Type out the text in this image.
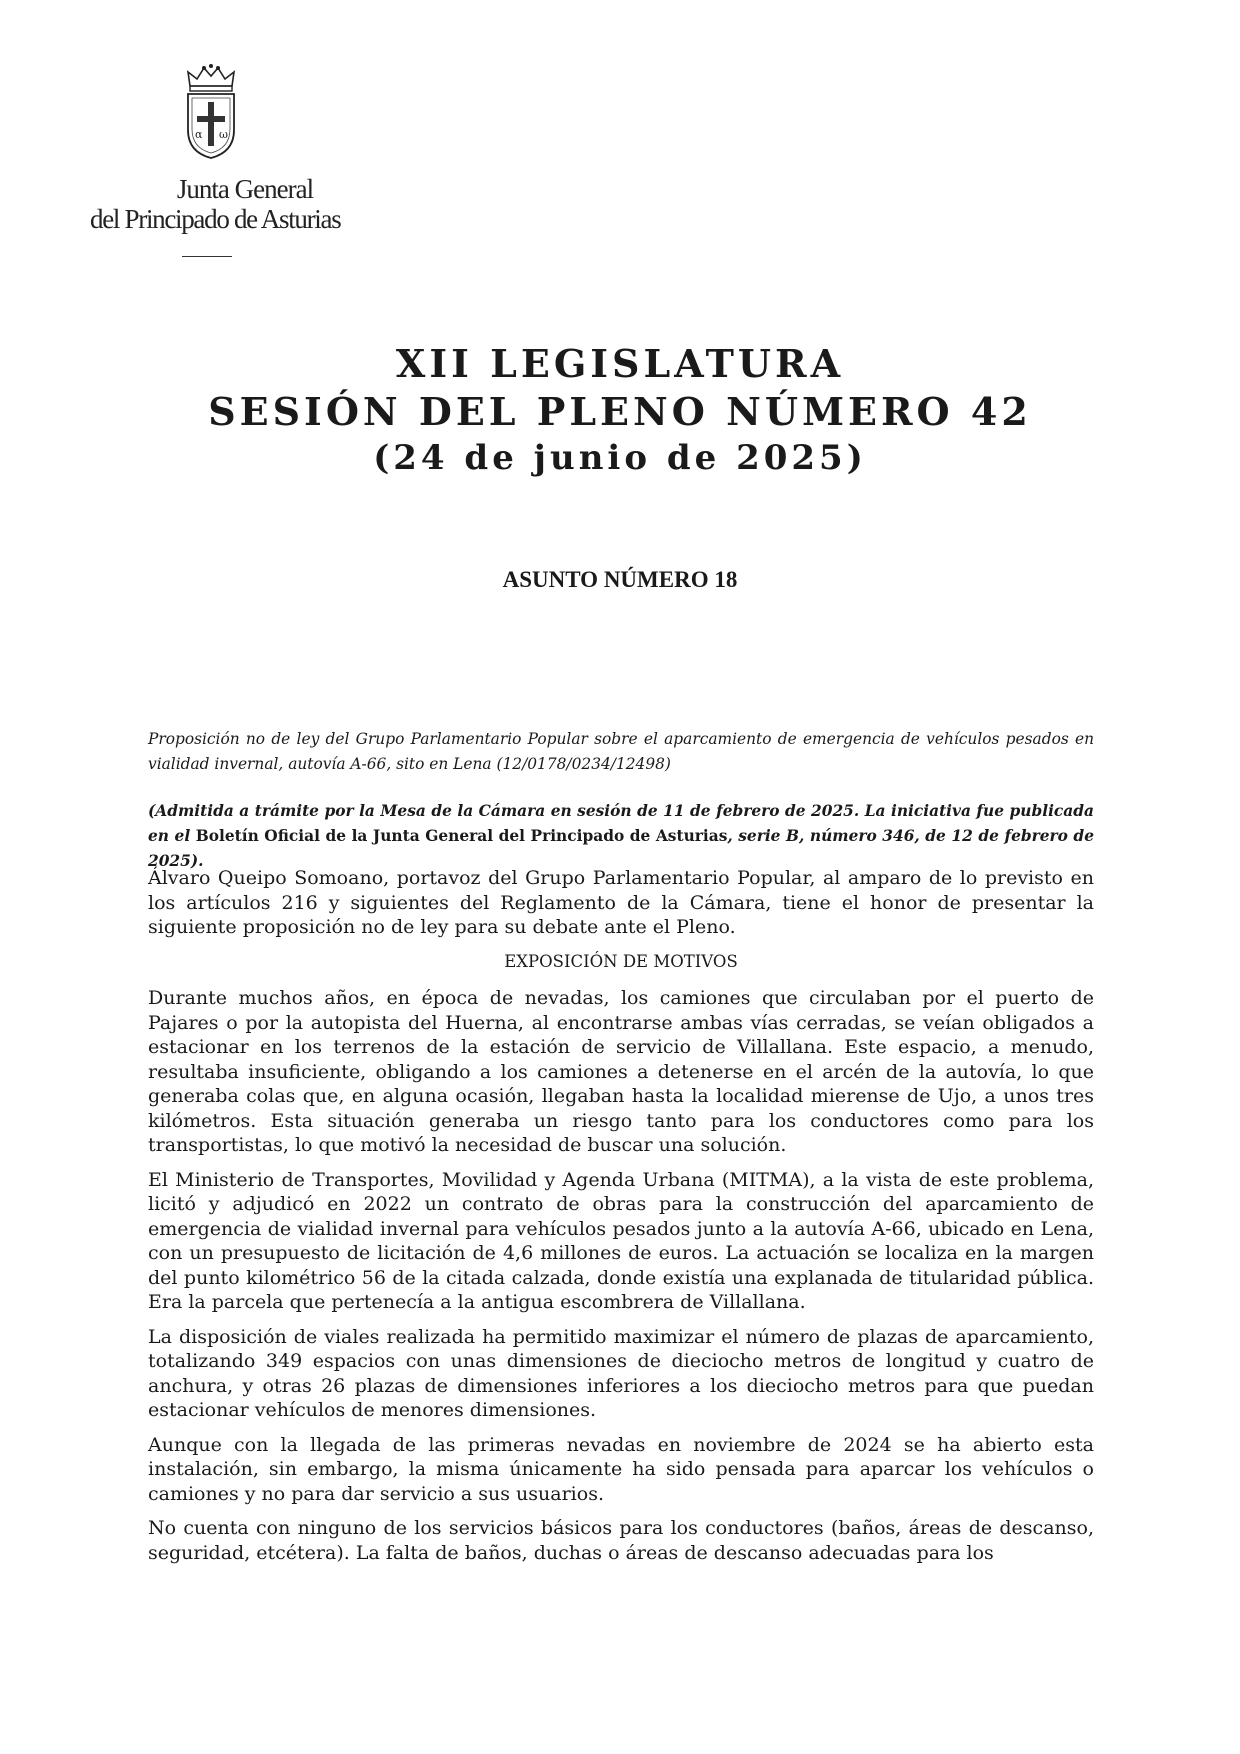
α ω
Junta General
del Principado de Asturias
XII LEGISLATURA
SESIÓN DEL PLENO NÚMERO 42
(24 de junio de 2025)
ASUNTO NÚMERO 18
Proposición no de ley del Grupo Parlamentario Popular sobre el aparcamiento de emergencia de vehículos pesados en vialidad invernal, autovía A-66, sito en Lena (12/0178/0234/12498)
(Admitida a trámite por la Mesa de la Cámara en sesión de 11 de febrero de 2025. La iniciativa fue publicada en el Boletín Oficial de la Junta General del Principado de Asturias, serie B, número 346, de 12 de febrero de 2025).

Álvaro Queipo Somoano, portavoz del Grupo Parlamentario Popular, al amparo de lo previsto en los artículos 216 y siguientes del Reglamento de la Cámara, tiene el honor de presentar la siguiente proposición no de ley para su debate ante el Pleno.

EXPOSICIÓN DE MOTIVOS

Durante muchos años, en época de nevadas, los camiones que circulaban por el puerto de Pajares o por la autopista del Huerna, al encontrarse ambas vías cerradas, se veían obligados a estacionar en los terrenos de la estación de servicio de Villallana. Este espacio, a menudo, resultaba insuficiente, obligando a los camiones a detenerse en el arcén de la autovía, lo que generaba colas que, en alguna ocasión, llegaban hasta la localidad mierense de Ujo, a unos tres kilómetros. Esta situación generaba un riesgo tanto para los conductores como para los transportistas, lo que motivó la necesidad de buscar una solución.

El Ministerio de Transportes, Movilidad y Agenda Urbana (MITMA), a la vista de este problema, licitó y adjudicó en 2022 un contrato de obras para la construcción del aparcamiento de emergencia de vialidad invernal para vehículos pesados junto a la autovía A-66, ubicado en Lena, con un presupuesto de licitación de 4,6 millones de euros. La actuación se localiza en la margen del punto kilométrico 56 de la citada calzada, donde existía una explanada de titularidad pública. Era la parcela que pertenecía a la antigua escombrera de Villallana.

La disposición de viales realizada ha permitido maximizar el número de plazas de aparcamiento, totalizando 349 espacios con unas dimensiones de dieciocho metros de longitud y cuatro de anchura, y otras 26 plazas de dimensiones inferiores a los dieciocho metros para que puedan estacionar vehículos de menores dimensiones.

Aunque con la llegada de las primeras nevadas en noviembre de 2024 se ha abierto esta instalación, sin embargo, la misma únicamente ha sido pensada para aparcar los vehículos o camiones y no para dar servicio a sus usuarios.

No cuenta con ninguno de los servicios básicos para los conductores (baños, áreas de descanso, seguridad, etcétera). La falta de baños, duchas o áreas de descanso adecuadas para los
